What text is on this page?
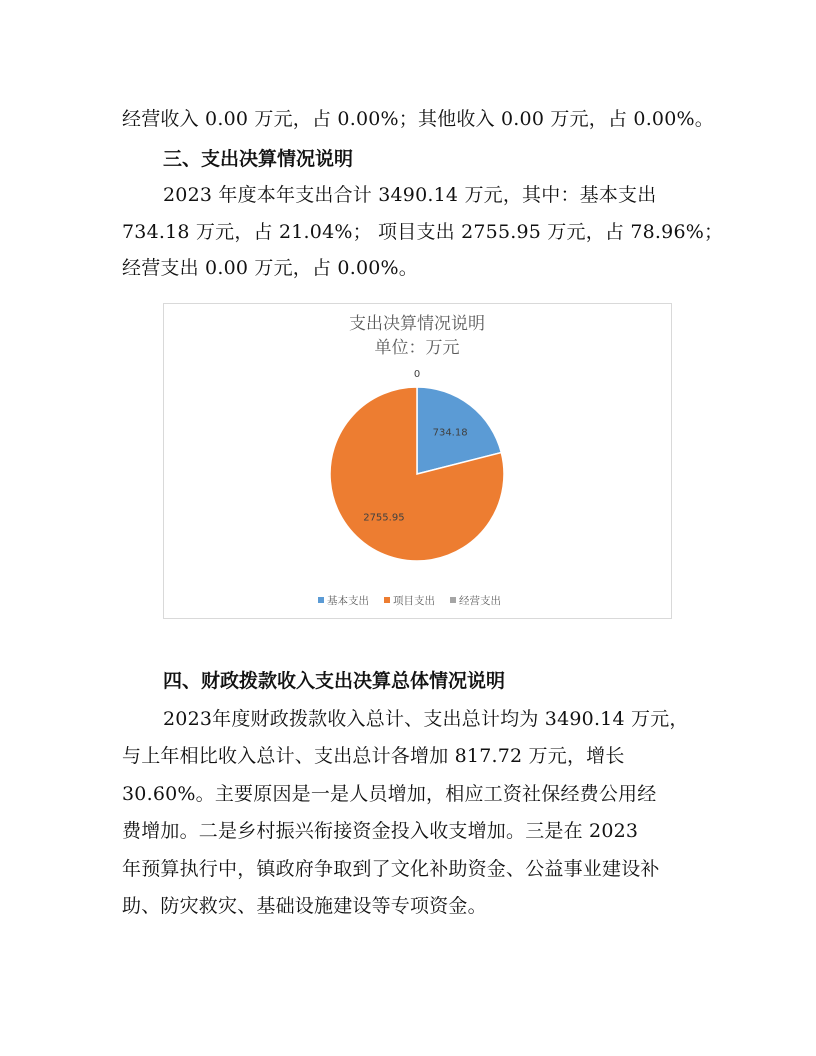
经营收入 0.00 万元，占 0.00%；其他收入 0.00 万元，占 0.00%。
三、支出决算情况说明
2023 年度本年支出合计 3490.14 万元，其中：基本支出
734.18 万元，占 21.04%； 项目支出 2755.95 万元，占 78.96%；
经营支出 0.00 万元，占 0.00%。
支出决算情况说明
单位：万元
734.18
2755.95
0
基本支出 项目支出 经营支出
四、财政拨款收入支出决算总体情况说明
2023年度财政拨款收入总计、支出总计均为 3490.14 万元，
与上年相比收入总计、支出总计各增加 817.72 万元，增长
30.60%。主要原因是一是人员增加，相应工资社保经费公用经
费增加。二是乡村振兴衔接资金投入收支增加。三是在 2023
年预算执行中，镇政府争取到了文化补助资金、公益事业建设补
助、防灾救灾、基础设施建设等专项资金。
